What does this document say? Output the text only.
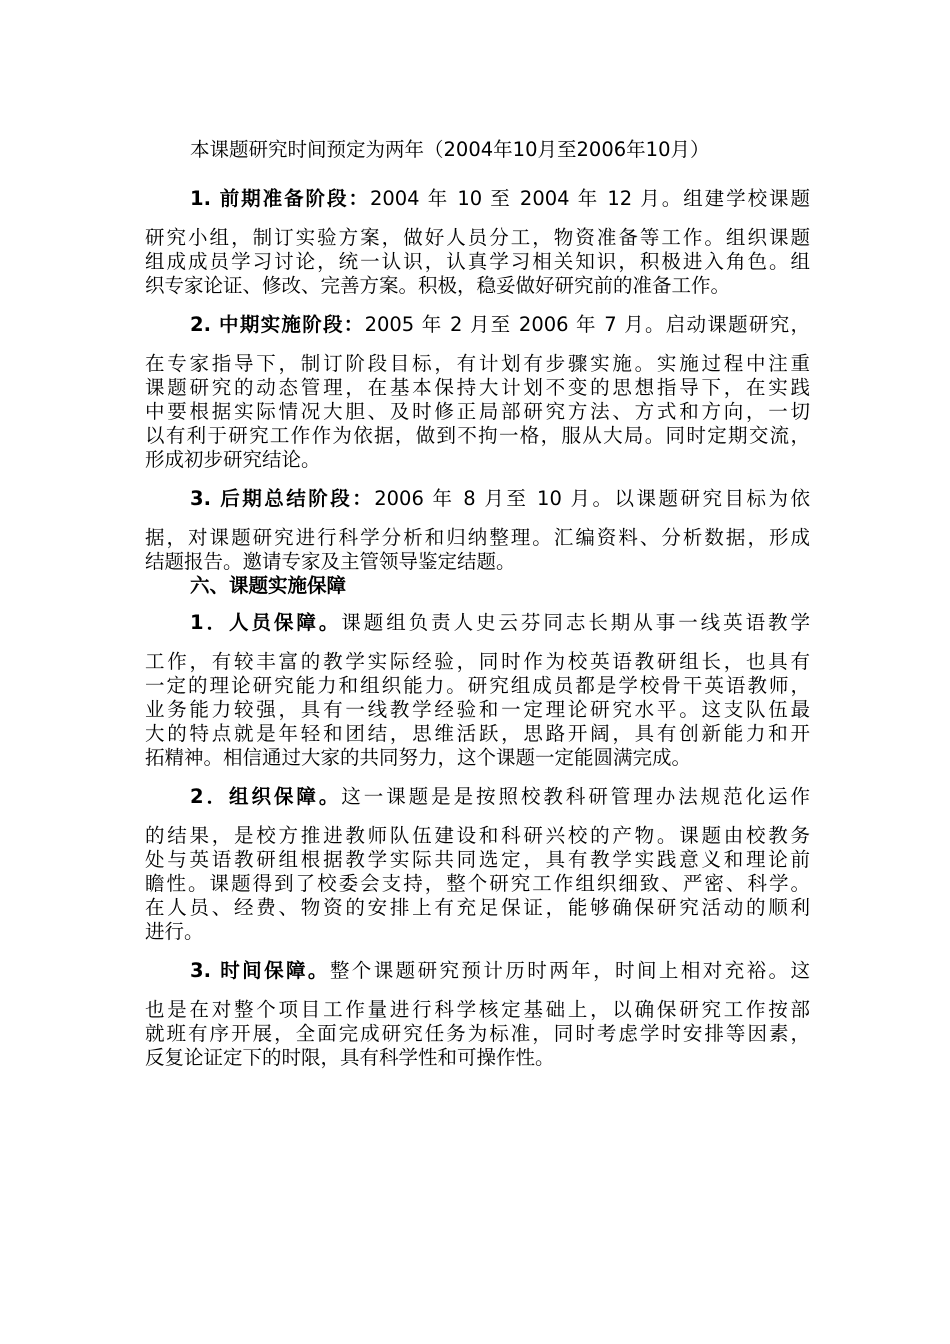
本课题研究时间预定为两年（2004年10月至2006年10月）
1. 前期准备阶段：2004 年 10 至 2004 年 12 月。组建学校课题
研究小组，制订实验方案，做好人员分工，物资准备等工作。组织课题
组成成员学习讨论，统一认识，认真学习相关知识，积极进入角色。组
织专家论证、修改、完善方案。积极，稳妥做好研究前的准备工作。
2. 中期实施阶段：2005 年 2 月至 2006 年 7 月。启动课题研究，
在专家指导下，制订阶段目标，有计划有步骤实施。实施过程中注重
课题研究的动态管理，在基本保持大计划不变的思想指导下，在实践
中要根据实际情况大胆、及时修正局部研究方法、方式和方向，一切
以有利于研究工作作为依据，做到不拘一格，服从大局。同时定期交流，
形成初步研究结论。
3. 后期总结阶段：2006 年 8 月至 10 月。以课题研究目标为依
据，对课题研究进行科学分析和归纳整理。汇编资料、分析数据，形成
结题报告。邀请专家及主管领导鉴定结题。
六、课题实施保障
1．人员保障。课题组负责人史云芬同志长期从事一线英语教学
工作，有较丰富的教学实际经验，同时作为校英语教研组长，也具有
一定的理论研究能力和组织能力。研究组成员都是学校骨干英语教师，
业务能力较强，具有一线教学经验和一定理论研究水平。这支队伍最
大的特点就是年轻和团结，思维活跃，思路开阔，具有创新能力和开
拓精神。相信通过大家的共同努力，这个课题一定能圆满完成。
2．组织保障。这一课题是是按照校教科研管理办法规范化运作
的结果，是校方推进教师队伍建设和科研兴校的产物。课题由校教务
处与英语教研组根据教学实际共同选定，具有教学实践意义和理论前
瞻性。课题得到了校委会支持，整个研究工作组织细致、严密、科学。
在人员、经费、物资的安排上有充足保证，能够确保研究活动的顺利
进行。
3. 时间保障。整个课题研究预计历时两年，时间上相对充裕。这
也是在对整个项目工作量进行科学核定基础上，以确保研究工作按部
就班有序开展，全面完成研究任务为标准，同时考虑学时安排等因素，
反复论证定下的时限，具有科学性和可操作性。
